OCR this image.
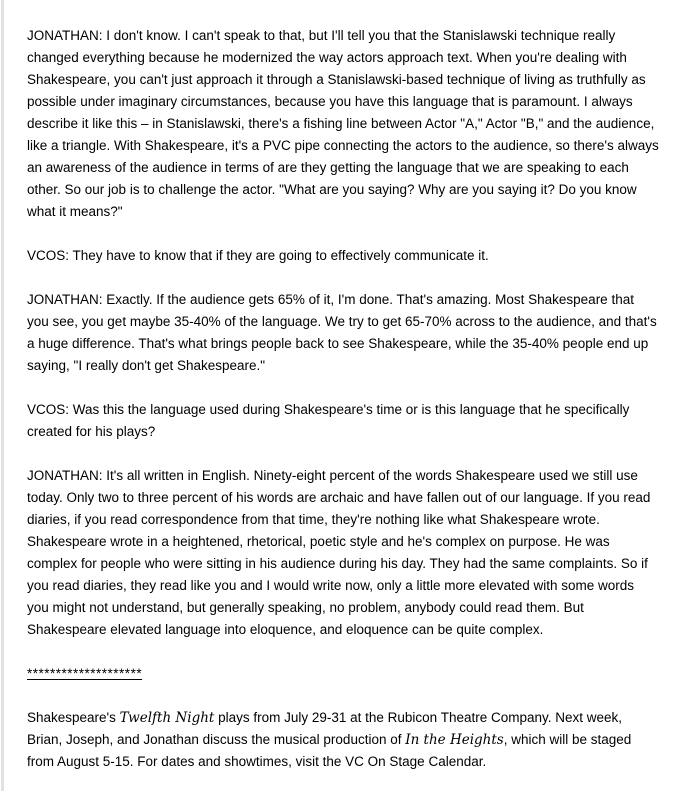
JONATHAN: I don't know. I can't speak to that, but I'll tell you that the Stanislawski technique really changed everything because he modernized the way actors approach text. When you're dealing with Shakespeare, you can't just approach it through a Stanislawski-based technique of living as truthfully as possible under imaginary circumstances, because you have this language that is paramount. I always describe it like this – in Stanislawski, there's a fishing line between Actor "A," Actor "B," and the audience, like a triangle. With Shakespeare, it's a PVC pipe connecting the actors to the audience, so there's always an awareness of the audience in terms of are they getting the language that we are speaking to each other. So our job is to challenge the actor. "What are you saying? Why are you saying it? Do you know what it means?"

VCOS: They have to know that if they are going to effectively communicate it.

JONATHAN: Exactly. If the audience gets 65% of it, I'm done. That's amazing. Most Shakespeare that you see, you get maybe 35-40% of the language. We try to get 65-70% across to the audience, and that's a huge difference. That's what brings people back to see Shakespeare, while the 35-40% people end up saying, "I really don't get Shakespeare."

VCOS: Was this the language used during Shakespeare's time or is this language that he specifically created for his plays?

JONATHAN: It's all written in English. Ninety-eight percent of the words Shakespeare used we still use today. Only two to three percent of his words are archaic and have fallen out of our language. If you read diaries, if you read correspondence from that time, they're nothing like what Shakespeare wrote. Shakespeare wrote in a heightened, rhetorical, poetic style and he's complex on purpose. He was complex for people who were sitting in his audience during his day. They had the same complaints. So if you read diaries, they read like you and I would write now, only a little more elevated with some words you might not understand, but generally speaking, no problem, anybody could read them. But Shakespeare elevated language into eloquence, and eloquence can be quite complex.

********************

Shakespeare's Twelfth Night plays from July 29-31 at the Rubicon Theatre Company. Next week, Brian, Joseph, and Jonathan discuss the musical production of In the Heights, which will be staged from August 5-15. For dates and showtimes, visit the VC On Stage Calendar.
